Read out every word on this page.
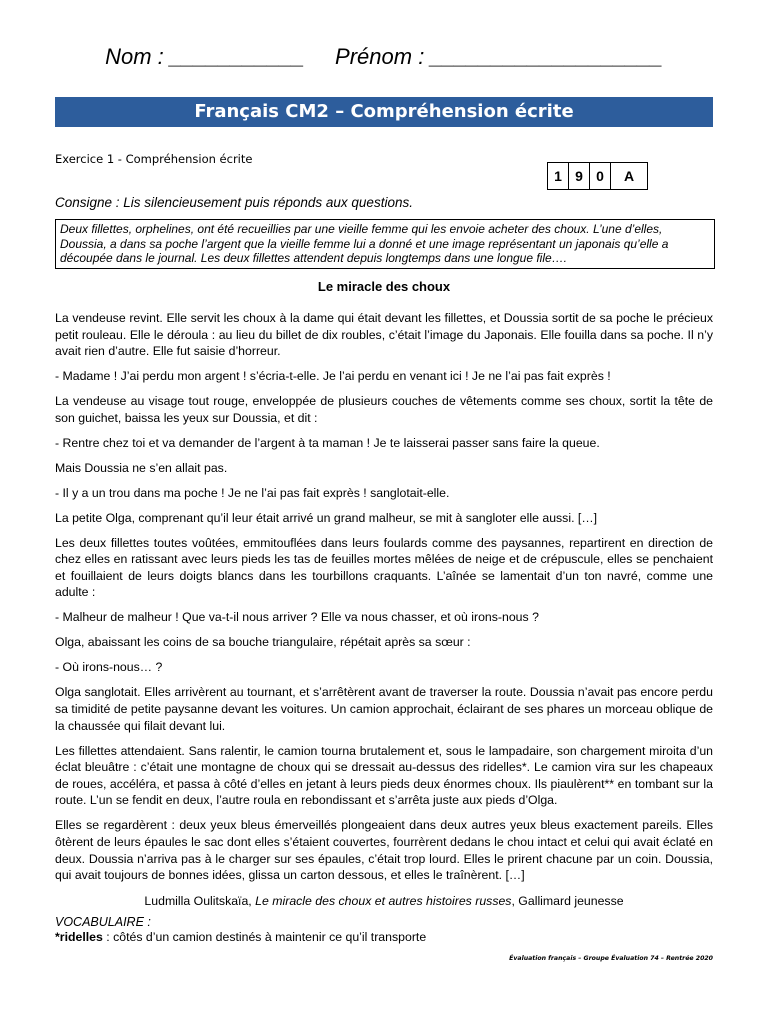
Nom : ___________     Prénom : ___________________
Français CM2 – Compréhension écrite
Exercice 1 - Compréhension écrite
1 9 0	A
Consigne : Lis silencieusement puis réponds aux questions.
Deux fillettes, orphelines, ont été recueillies par une vieille femme qui les envoie acheter des choux. L’une d’elles, Doussia, a dans sa poche l’argent que la vieille femme lui a donné et une image représentant un japonais qu’elle a découpée dans le journal. Les deux fillettes attendent depuis longtemps dans une longue file….
Le miracle des choux

La vendeuse revint. Elle servit les choux à la dame qui était devant les fillettes, et Doussia sortit de sa poche le précieux petit rouleau. Elle le déroula : au lieu du billet de dix roubles, c’était l’image du Japonais. Elle fouilla dans sa poche. Il n’y avait rien d’autre. Elle fut saisie d’horreur.

- Madame ! J’ai perdu mon argent ! s’écria-t-elle. Je l’ai perdu en venant ici ! Je ne l’ai pas fait exprès !

La vendeuse au visage tout rouge, enveloppée de plusieurs couches de vêtements comme ses choux, sortit la tête de son guichet, baissa les yeux sur Doussia, et dit :

- Rentre chez toi et va demander de l’argent à ta maman ! Je te laisserai passer sans faire la queue.

Mais Doussia ne s’en allait pas.

- Il y a un trou dans ma poche ! Je ne l’ai pas fait exprès ! sanglotait-elle.

La petite Olga, comprenant qu’il leur était arrivé un grand malheur, se mit à sangloter elle aussi. […]

Les deux fillettes toutes voûtées, emmitouflées dans leurs foulards comme des paysannes, repartirent en direction de chez elles en ratissant avec leurs pieds les tas de feuilles mortes mêlées de neige et de crépuscule, elles se penchaient et fouillaient de leurs doigts blancs dans les tourbillons craquants. L’aînée se lamentait d’un ton navré, comme une adulte :

- Malheur de malheur ! Que va-t-il nous arriver ? Elle va nous chasser, et où irons-nous ?

Olga, abaissant les coins de sa bouche triangulaire, répétait après sa sœur :

- Où irons-nous… ?

Olga sanglotait. Elles arrivèrent au tournant, et s’arrêtèrent avant de traverser la route. Doussia n’avait pas encore perdu sa timidité de petite paysanne devant les voitures. Un camion approchait, éclairant de ses phares un morceau oblique de la chaussée qui filait devant lui.

Les fillettes attendaient. Sans ralentir, le camion tourna brutalement et, sous le lampadaire, son chargement miroita d’un éclat bleuâtre : c’était une montagne de choux qui se dressait au-dessus des ridelles*. Le camion vira sur les chapeaux de roues, accéléra, et passa à côté d’elles en jetant à leurs pieds deux énormes choux. Ils piaulèrent** en tombant sur la route. L’un se fendit en deux, l’autre roula en rebondissant et s’arrêta juste aux pieds d’Olga.

Elles se regardèrent : deux yeux bleus émerveillés plongeaient dans deux autres yeux bleus exactement pareils. Elles ôtèrent de leurs épaules le sac dont elles s’étaient couvertes, fourrèrent dedans le chou intact et celui qui avait éclaté en deux. Doussia n’arriva pas à le charger sur ses épaules, c’était trop lourd. Elles le prirent chacune par un coin. Doussia, qui avait toujours de bonnes idées, glissa un carton dessous, et elles le traînèrent. […]

Ludmilla Oulitskaïa, Le miracle des choux et autres histoires russes, Gallimard jeunesse
VOCABULAIRE :
*ridelles : côtés d’un camion destinés à maintenir ce qu’il transporte
Évaluation français – Groupe Évaluation 74 – Rentrée 2020
